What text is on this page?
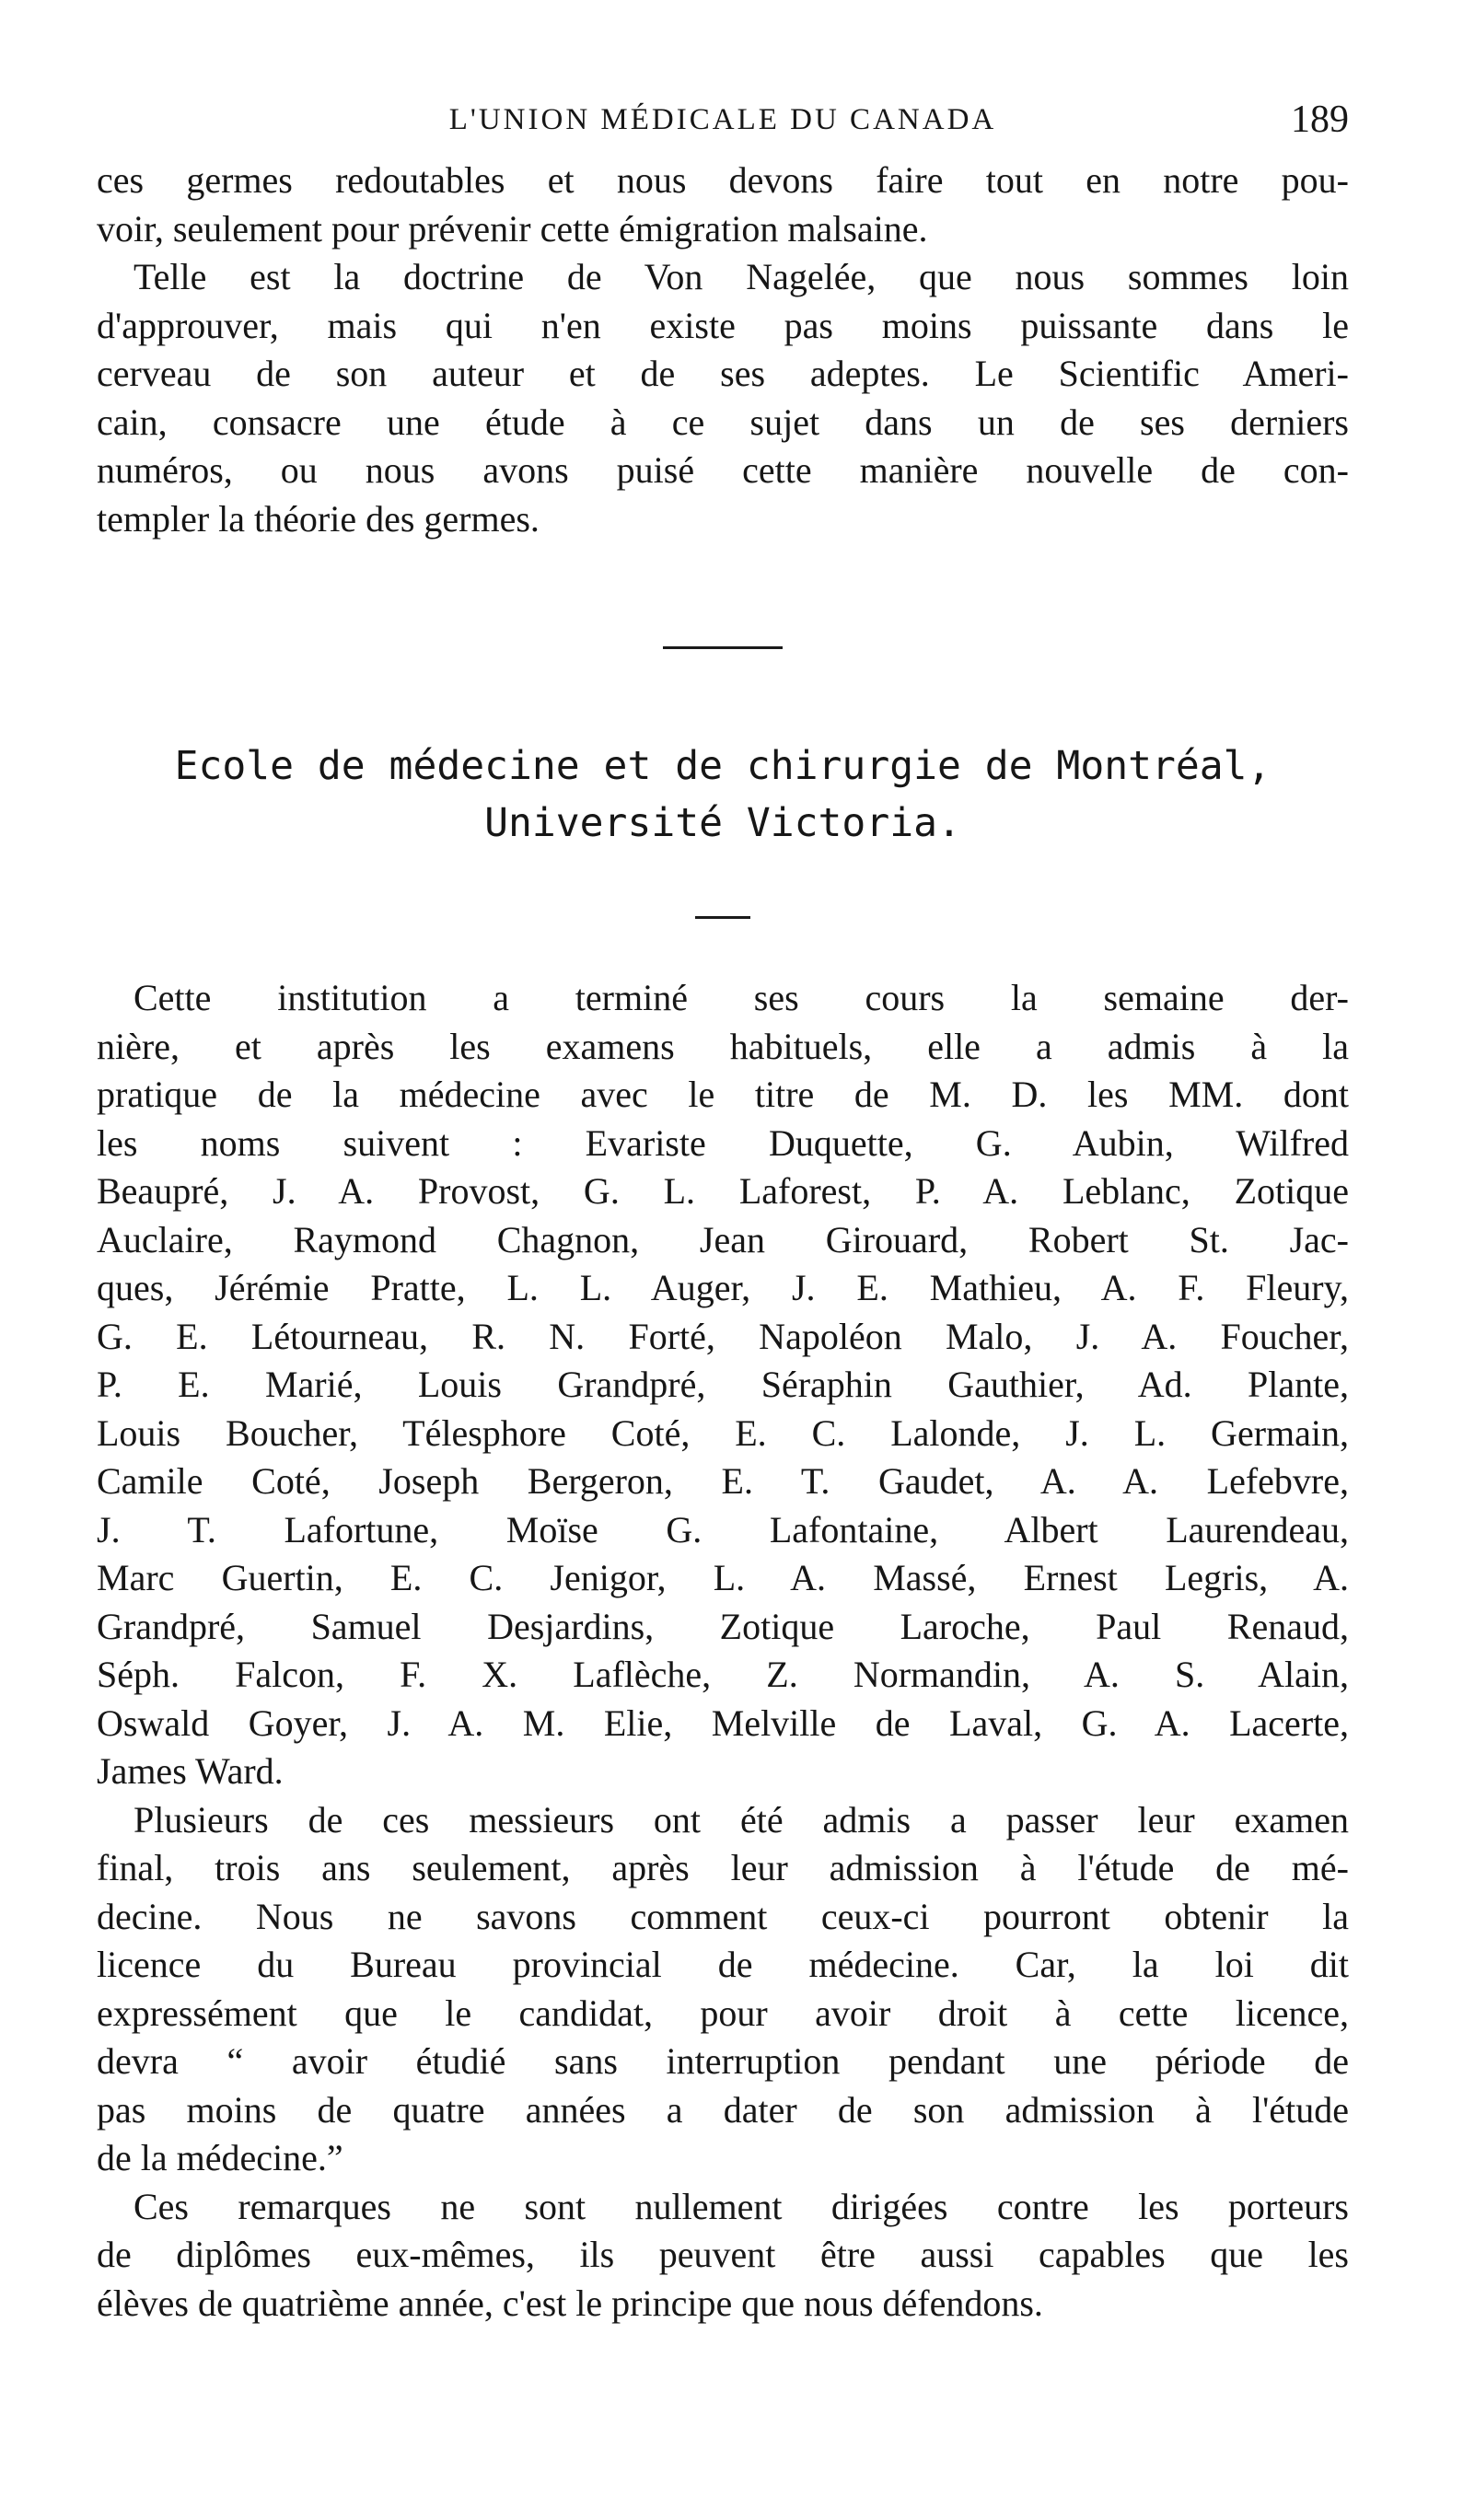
L'UNION MÉDICALE DU CANADA	189
ces germes redoutables et nous devons faire tout en notre pou-
voir, seulement pour prévenir cette émigration malsaine.
Telle est la doctrine de Von Nagelée, que nous sommes loin
d'approuver, mais qui n'en existe pas moins puissante dans le
cerveau de son auteur et de ses adeptes. Le Scientific Ameri-
cain, consacre une étude à ce sujet dans un de ses derniers
numéros, ou nous avons puisé cette manière nouvelle de con-
templer la théorie des germes.
Ecole de médecine et de chirurgie de Montréal,
Université Victoria.
Cette institution a terminé ses cours la semaine der-
nière, et après les examens habituels, elle a admis à la
pratique de la médecine avec le titre de M. D. les MM. dont
les noms suivent : Evariste Duquette, G. Aubin, Wilfred
Beaupré, J. A. Provost, G. L. Laforest, P. A. Leblanc, Zotique
Auclaire, Raymond Chagnon, Jean Girouard, Robert St. Jac-
ques, Jérémie Pratte, L. L. Auger, J. E. Mathieu, A. F. Fleury,
G. E. Létourneau, R. N. Forté, Napoléon Malo, J. A. Foucher,
P. E. Marié, Louis Grandpré, Séraphin Gauthier, Ad. Plante,
Louis Boucher, Télesphore Coté, E. C. Lalonde, J. L. Germain,
Camile Coté, Joseph Bergeron, E. T. Gaudet, A. A. Lefebvre,
J. T. Lafortune, Moïse G. Lafontaine, Albert Laurendeau,
Marc Guertin, E. C. Jenigor, L. A. Massé, Ernest Legris, A.
Grandpré, Samuel Desjardins, Zotique Laroche, Paul Renaud,
Séph. Falcon, F. X. Laflèche, Z. Normandin, A. S. Alain,
Oswald Goyer, J. A. M. Elie, Melville de Laval, G. A. Lacerte,
James Ward.
Plusieurs de ces messieurs ont été admis a passer leur examen
final, trois ans seulement, après leur admission à l'étude de mé-
decine. Nous ne savons comment ceux-ci pourront obtenir la
licence du Bureau provincial de médecine. Car, la loi dit
expressément que le candidat, pour avoir droit à cette licence,
devra “ avoir étudié sans interruption pendant une période de
pas moins de quatre années a dater de son admission à l'étude
de la médecine.”
Ces remarques ne sont nullement dirigées contre les porteurs
de diplômes eux-mêmes, ils peuvent être aussi capables que les
élèves de quatrième année, c'est le principe que nous défendons.
